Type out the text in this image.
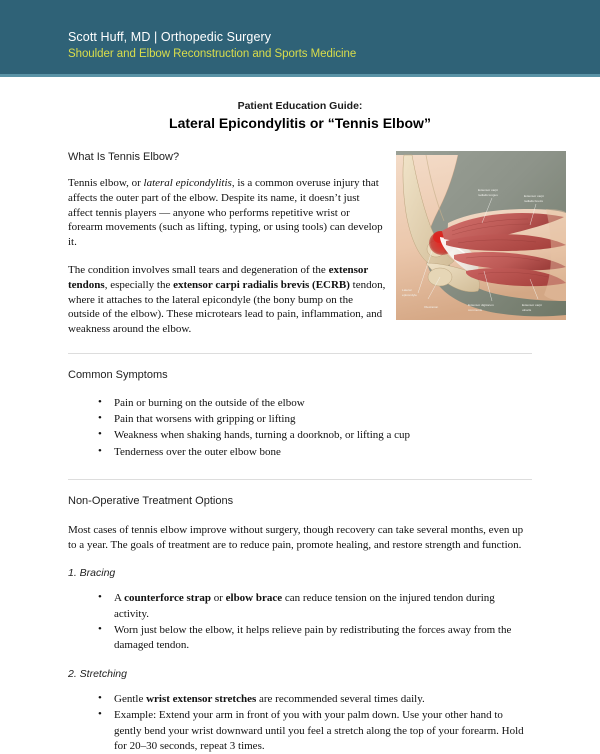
Scott Huff, MD | Orthopedic Surgery
Shoulder and Elbow Reconstruction and Sports Medicine
Patient Education Guide:
Lateral Epicondylitis or “Tennis Elbow”
What Is Tennis Elbow?

Tennis elbow, or lateral epicondylitis, is a common overuse injury that affects the outer part of the elbow. Despite its name, it doesn’t just affect tennis players — anyone who performs repetitive wrist or forearm movements (such as lifting, typing, or using tools) can develop it.

The condition involves small tears and degeneration of the extensor tendons, especially the extensor carpi radialis brevis (ECRB) tendon, where it attaches to the lateral epicondyle (the bony bump on the outside of the elbow). These microtears lead to pain, inflammation, and weakness around the elbow.

Extensor carpi
radialis longus	Extensor carpi
radialis brevis
Lateral
epicondyle
Olecranon	Extensor digitorum
communis
Extensor carpi
ulnaris
Common Symptoms
• Pain or burning on the outside of the elbow
• Pain that worsens with gripping or lifting
• Weakness when shaking hands, turning a doorknob, or lifting a cup
• Tenderness over the outer elbow bone
Non-Operative Treatment Options

Most cases of tennis elbow improve without surgery, though recovery can take several months, even up to a year. The goals of treatment are to reduce pain, promote healing, and restore strength and function.

1. Bracing
• A counterforce strap or elbow brace can reduce tension on the injured tendon during activity.
• Worn just below the elbow, it helps relieve pain by redistributing the forces away from the damaged tendon.
2. Stretching
• Gentle wrist extensor stretches are recommended several times daily.
• Example: Extend your arm in front of you with your palm down. Use your other hand to gently bend your wrist downward until you feel a stretch along the top of your forearm. Hold for 20–30 seconds, repeat 3 times.
